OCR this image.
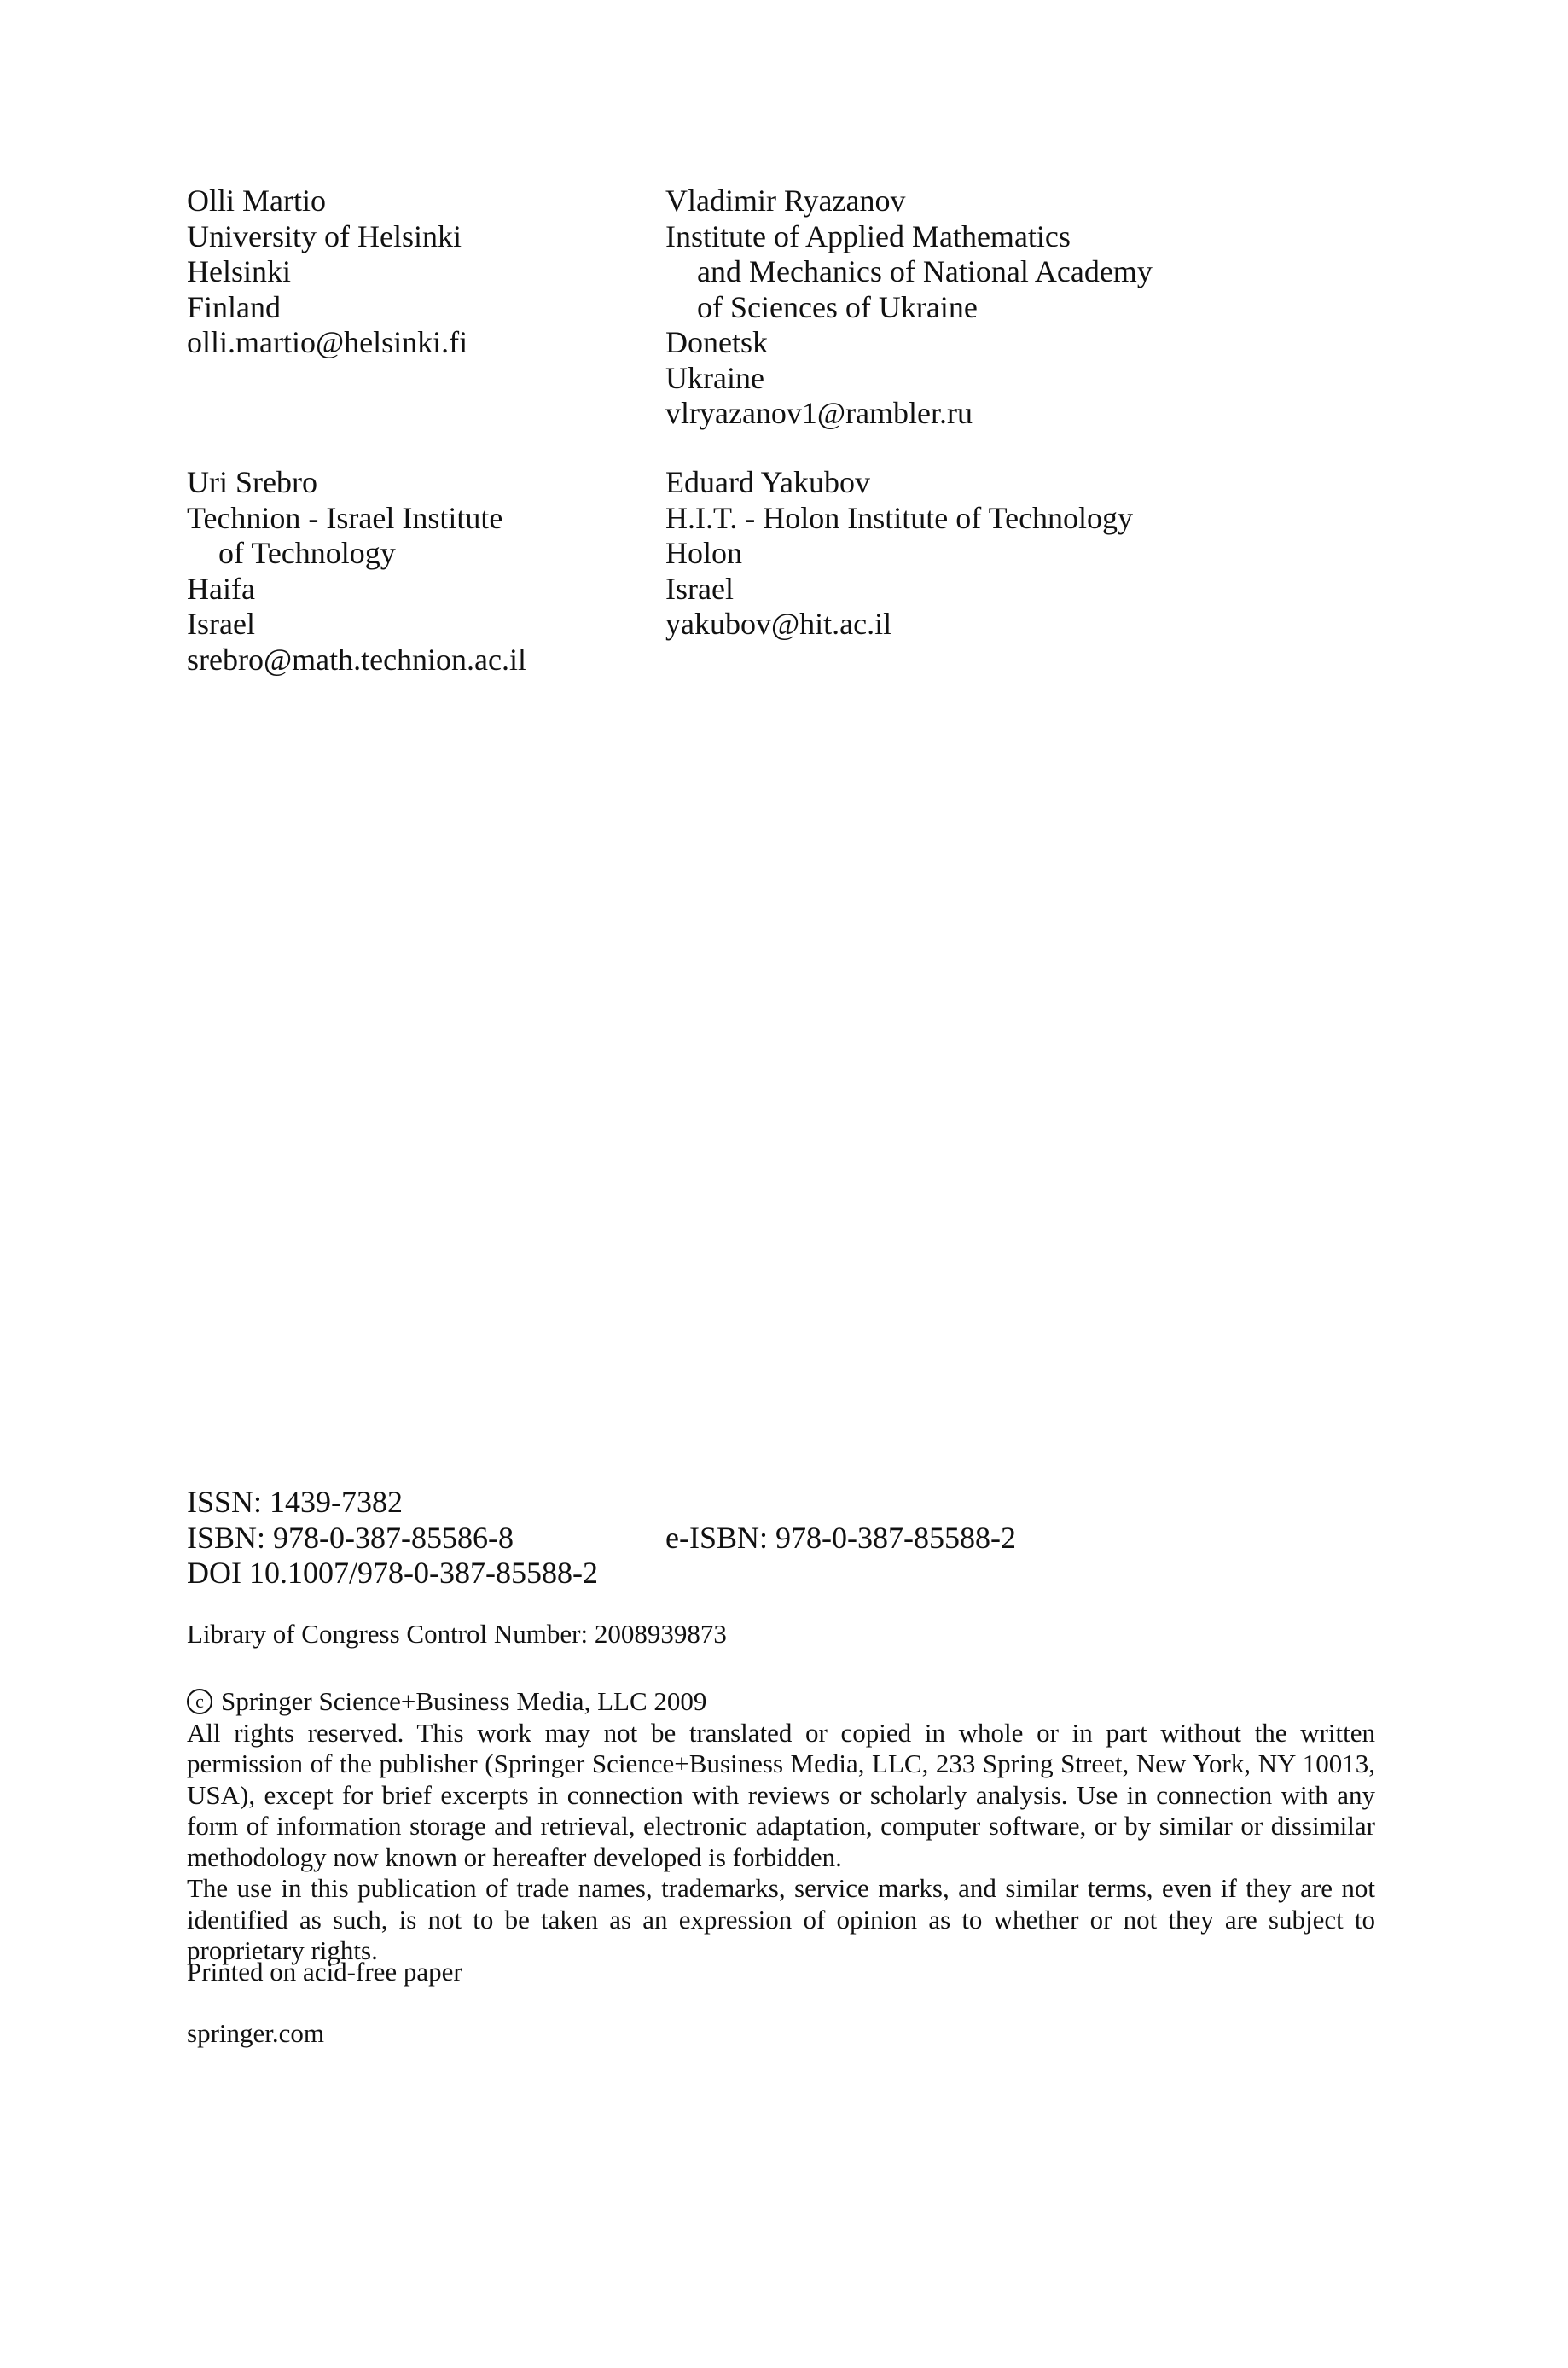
Olli Martio
University of Helsinki
Helsinki
Finland
olli.martio@helsinki.fi
Vladimir Ryazanov
Institute of Applied Mathematics
and Mechanics of National Academy
of Sciences of Ukraine
Donetsk
Ukraine
vlryazanov1@rambler.ru
Uri Srebro
Technion - Israel Institute
of Technology
Haifa
Israel
srebro@math.technion.ac.il
Eduard Yakubov
H.I.T. - Holon Institute of Technology
Holon
Israel
yakubov@hit.ac.il
ISSN: 1439-7382
ISBN: 978-0-387-85586-8	e-ISBN: 978-0-387-85588-2
DOI 10.1007/978-0-387-85588-2
Library of Congress Control Number: 2008939873
c Springer Science+Business Media, LLC 2009
All rights reserved. This work may not be translated or copied in whole or in part without the written permission of the publisher (Springer Science+Business Media, LLC, 233 Spring Street, New York, NY 10013, USA), except for brief excerpts in connection with reviews or scholarly analysis. Use in connection with any form of information storage and retrieval, electronic adaptation, computer software, or by similar or dissimilar methodology now known or hereafter developed is forbidden.
The use in this publication of trade names, trademarks, service marks, and similar terms, even if they are not identified as such, is not to be taken as an expression of opinion as to whether or not they are subject to proprietary rights.
Printed on acid-free paper
springer.com
